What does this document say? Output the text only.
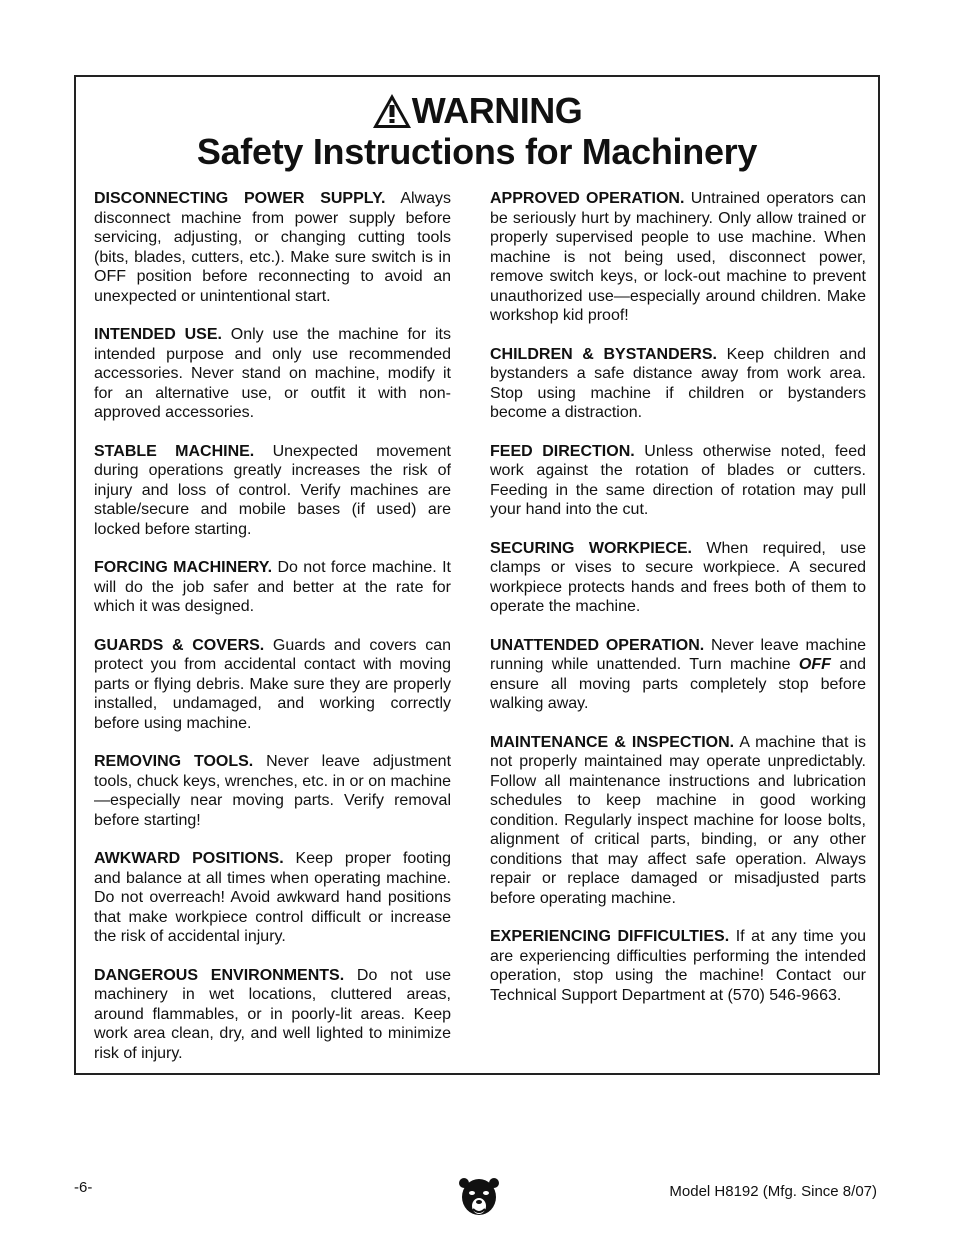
WARNING
Safety Instructions for Machinery

DISCONNECTING POWER SUPPLY. Always disconnect machine from power supply before servicing, adjusting, or changing cutting tools (bits, blades, cutters, etc.). Make sure switch is in OFF position before reconnecting to avoid an unexpected or unintentional start.

INTENDED USE. Only use the machine for its intended purpose and only use recommended accessories. Never stand on machine, modify it for an alternative use, or outfit it with non-approved accessories.

STABLE MACHINE. Unexpected movement during operations greatly increases the risk of injury and loss of control. Verify machines are stable/secure and mobile bases (if used) are locked before starting.

FORCING MACHINERY. Do not force machine. It will do the job safer and better at the rate for which it was designed.

GUARDS & COVERS. Guards and covers can protect you from accidental contact with moving parts or flying debris. Make sure they are properly installed, undamaged, and working correctly before using machine.

REMOVING TOOLS. Never leave adjustment tools, chuck keys, wrenches, etc. in or on machine—especially near moving parts. Verify removal before starting!

AWKWARD POSITIONS. Keep proper footing and balance at all times when operating machine. Do not overreach! Avoid awkward hand positions that make workpiece control difficult or increase the risk of accidental injury.

DANGEROUS ENVIRONMENTS. Do not use machinery in wet locations, cluttered areas, around flammables, or in poorly-lit areas. Keep work area clean, dry, and well lighted to minimize risk of injury.

APPROVED OPERATION. Untrained operators can be seriously hurt by machinery. Only allow trained or properly supervised people to use machine. When machine is not being used, disconnect power, remove switch keys, or lock-out machine to prevent unauthorized use—especially around children. Make workshop kid proof!

CHILDREN & BYSTANDERS. Keep children and bystanders a safe distance away from work area. Stop using machine if children or bystanders become a distraction.

FEED DIRECTION. Unless otherwise noted, feed work against the rotation of blades or cutters. Feeding in the same direction of rotation may pull your hand into the cut.

SECURING WORKPIECE. When required, use clamps or vises to secure workpiece. A secured workpiece protects hands and frees both of them to operate the machine.

UNATTENDED OPERATION. Never leave machine running while unattended. Turn machine OFF and ensure all moving parts completely stop before walking away.

MAINTENANCE & INSPECTION. A machine that is not properly maintained may operate unpredictably. Follow all maintenance instructions and lubrication schedules to keep machine in good working condition. Regularly inspect machine for loose bolts, alignment of critical parts, binding, or any other conditions that may affect safe operation. Always repair or replace damaged or misadjusted parts before operating machine.

EXPERIENCING DIFFICULTIES. If at any time you are experiencing difficulties performing the intended operation, stop using the machine! Contact our Technical Support Department at (570) 546-9663.

-6-	Model H8192 (Mfg. Since 8/07)
